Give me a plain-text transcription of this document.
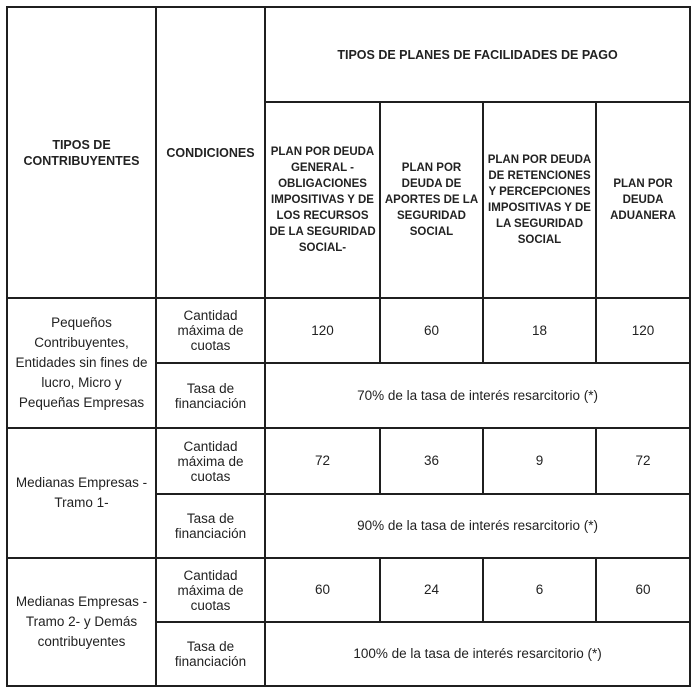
TIPOS DE CONTRIBUYENTES	CONDICIONES	TIPOS DE PLANES DE FACILIDADES DE PAGO			
		PLAN POR DEUDA GENERAL - OBLIGACIONES IMPOSITIVAS Y DE LOS RECURSOS DE LA SEGURIDAD SOCIAL-	PLAN POR DEUDA DE APORTES DE LA SEGURIDAD SOCIAL	PLAN POR DEUDA DE RETENCIONES Y PERCEPCIONES IMPOSITIVAS Y DE LA SEGURIDAD SOCIAL	PLAN POR DEUDA ADUANERA
Pequeños Contribuyentes, Entidades sin fines de lucro, Micro y Pequeñas Empresas	Cantidad máxima de cuotas	120	60	18	120
	Tasa de financiación	70% de la tasa de interés resarcitorio (*)			
Medianas Empresas -Tramo 1-	Cantidad máxima de cuotas	72	36	9	72
	Tasa de financiación	90% de la tasa de interés resarcitorio (*)			
Medianas Empresas -Tramo 2- y Demás contribuyentes	Cantidad máxima de cuotas	60	24	6	60
	Tasa de financiación	100% de la tasa de interés resarcitorio (*)			
